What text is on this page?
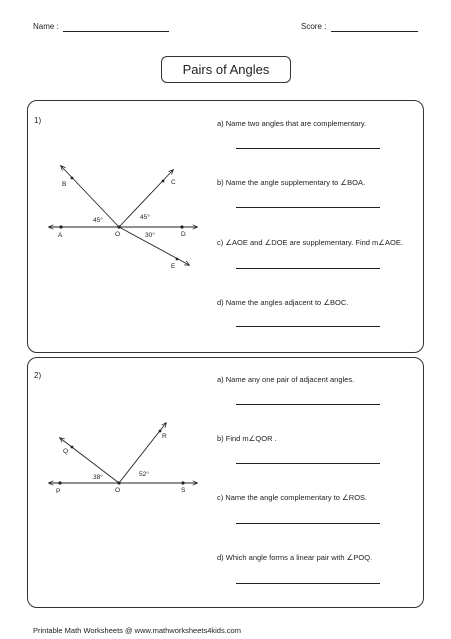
Name :	Score :
Pairs of Angles
1)
A
B	C
D
E
O
45°	45°
30°
P
Q
R
S
O
38°	52°
a) Name two angles that are complementary.
b) Name the angle supplementary to ∠BOA.
c) ∠AOE and ∠DOE are supplementary. Find m∠AOE.
d) Name the angles adjacent to ∠BOC.
2)	a) Name any one pair of adjacent angles.
b) Find m∠QOR .
c) Name the angle complementary to ∠ROS.
d) Which angle forms a linear pair with ∠POQ.
Printable Math Worksheets @ www.mathworksheets4kids.com
